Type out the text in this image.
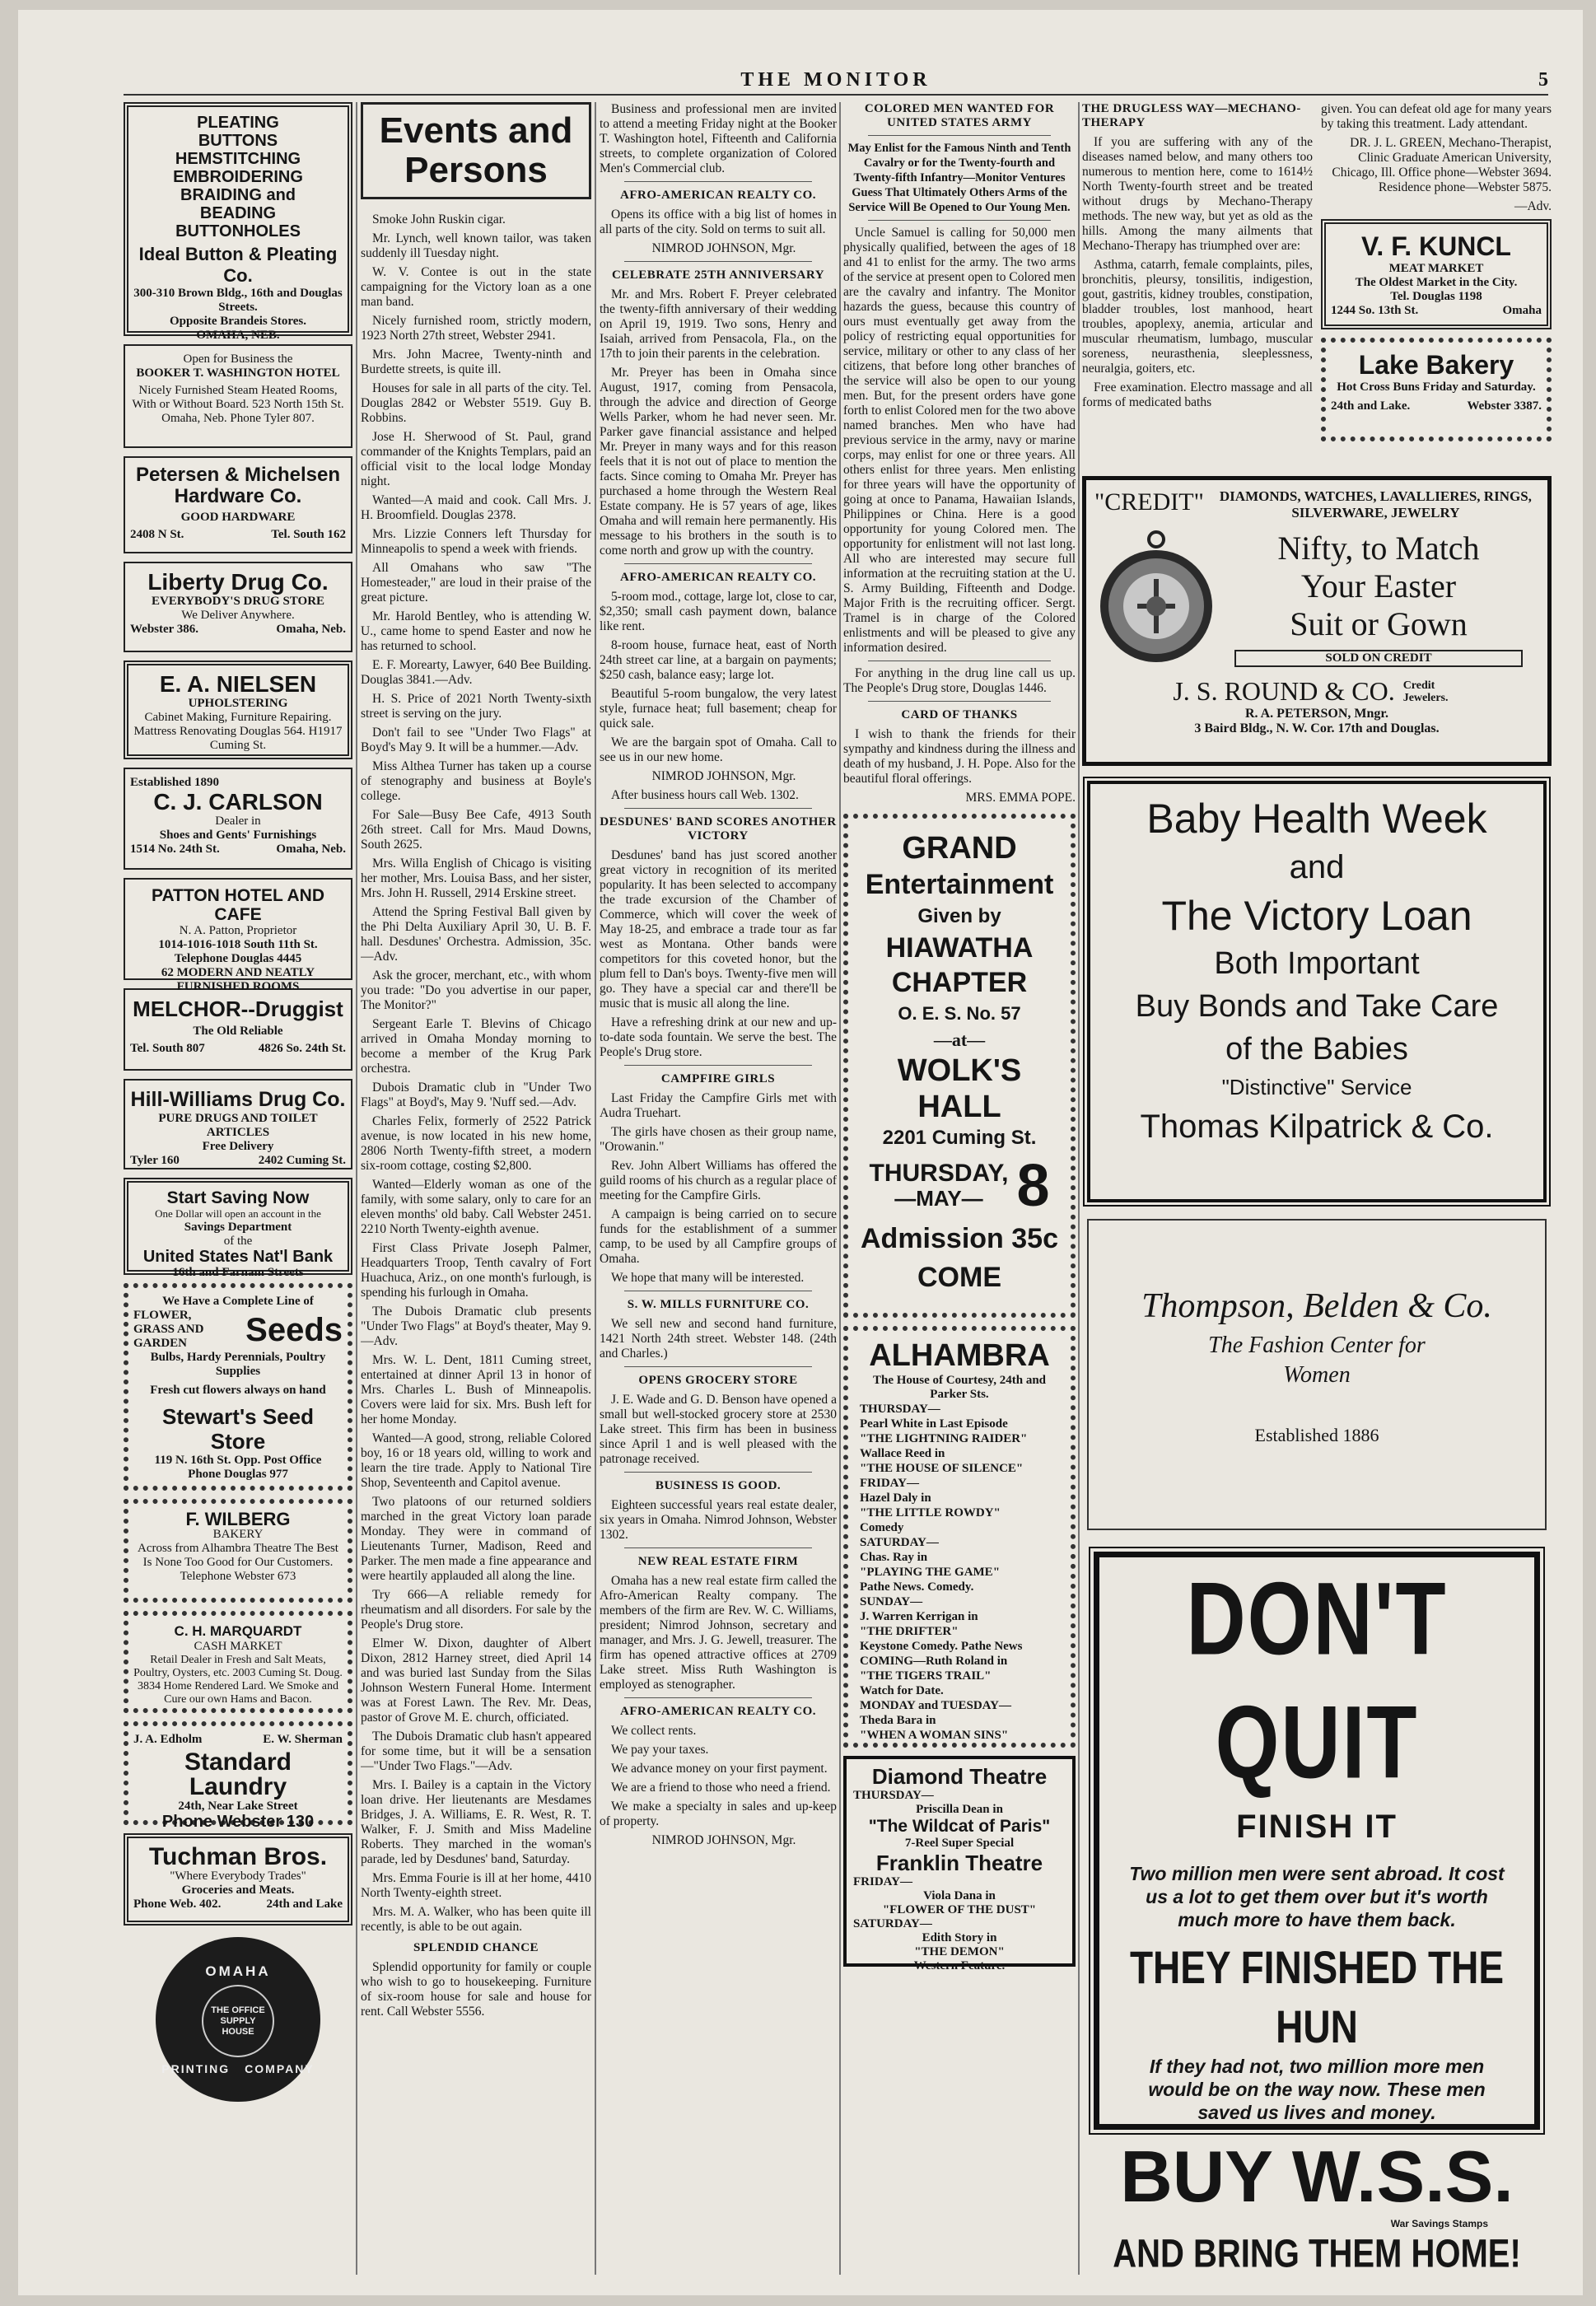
THE MONITOR	5
PLEATING
BUTTONS
HEMSTITCHING
EMBROIDERING
BRAIDING and
BEADING
BUTTONHOLES
Ideal Button & Pleating Co.
300-310 Brown Bldg., 16th and Douglas Streets.
Opposite Brandeis Stores.
OMAHA, NEB.
Open for Business the
BOOKER T. WASHINGTON HOTEL
Nicely Furnished Steam Heated Rooms, With or Without Board. 523 North 15th St. Omaha, Neb. Phone Tyler 807.
Petersen & Michelsen Hardware Co.
GOOD HARDWARE
2408 N St.	Tel. South 162
Liberty Drug Co.
EVERYBODY'S DRUG STORE
We Deliver Anywhere.
Webster 386.	Omaha, Neb.
E. A. NIELSEN
UPHOLSTERING
Cabinet Making, Furniture Repairing. Mattress Renovating Douglas 564. H1917 Cuming St.
Established 1890
C. J. CARLSON
Dealer in
Shoes and Gents' Furnishings
1514 No. 24th St.	Omaha, Neb.
PATTON HOTEL AND CAFE
N. A. Patton, Proprietor
1014-1016-1018 South 11th St.
Telephone Douglas 4445
62 MODERN AND NEATLY FURNISHED ROOMS
MELCHOR--Druggist
The Old Reliable
Tel. South 807	4826 So. 24th St.
Hill-Williams Drug Co.
PURE DRUGS AND TOILET ARTICLES
Free Delivery
Tyler 160	2402 Cuming St.
Start Saving Now
One Dollar will open an account in the
Savings Department
of the
United States Nat'l Bank
16th and Farnam Streets
We Have a Complete Line of
FLOWER, GRASS AND GARDEN	Seeds
Bulbs, Hardy Perennials, Poultry Supplies
Fresh cut flowers always on hand
Stewart's Seed Store
119 N. 16th St. Opp. Post Office
Phone Douglas 977
F. WILBERG
BAKERY
Across from Alhambra Theatre The Best Is None Too Good for Our Customers. Telephone Webster 673
C. H. MARQUARDT
CASH MARKET
Retail Dealer in Fresh and Salt Meats, Poultry, Oysters, etc. 2003 Cuming St. Doug. 3834 Home Rendered Lard. We Smoke and Cure our own Hams and Bacon.
J. A. Edholm	E. W. Sherman
Standard Laundry
24th, Near Lake Street
Phone Webster 130
Tuchman Bros.
"Where Everybody Trades"
Groceries and Meats.
Phone Web. 402.	24th and Lake
OMAHA
THE OFFICE SUPPLY HOUSE
PRINTING COMPANY
Events and Persons

Smoke John Ruskin cigar.

Mr. Lynch, well known tailor, was taken suddenly ill Tuesday night.

W. V. Contee is out in the state campaigning for the Victory loan as a one man band.

Nicely furnished room, strictly modern, 1923 North 27th street, Webster 2941.

Mrs. John Macree, Twenty-ninth and Burdette streets, is quite ill.

Houses for sale in all parts of the city. Tel. Douglas 2842 or Webster 5519. Guy B. Robbins.

Jose H. Sherwood of St. Paul, grand commander of the Knights Templars, paid an official visit to the local lodge Monday night.

Wanted—A maid and cook. Call Mrs. J. H. Broomfield. Douglas 2378.

Mrs. Lizzie Conners left Thursday for Minneapolis to spend a week with friends.

All Omahans who saw "The Homesteader," are loud in their praise of the great picture.

Mr. Harold Bentley, who is attending W. U., came home to spend Easter and now he has returned to school.

E. F. Morearty, Lawyer, 640 Bee Building. Douglas 3841.—Adv.

H. S. Price of 2021 North Twenty-sixth street is serving on the jury.

Don't fail to see "Under Two Flags" at Boyd's May 9. It will be a hummer.—Adv.

Miss Althea Turner has taken up a course of stenography and business at Boyle's college.

For Sale—Busy Bee Cafe, 4913 South 26th street. Call for Mrs. Maud Downs, South 2625.

Mrs. Willa English of Chicago is visiting her mother, Mrs. Louisa Bass, and her sister, Mrs. John H. Russell, 2914 Erskine street.

Attend the Spring Festival Ball given by the Phi Delta Auxiliary April 30, U. B. F. hall. Desdunes' Orchestra. Admission, 35c.—Adv.

Ask the grocer, merchant, etc., with whom you trade: "Do you advertise in our paper, The Monitor?"

Sergeant Earle T. Blevins of Chicago arrived in Omaha Monday morning to become a member of the Krug Park orchestra.

Dubois Dramatic club in "Under Two Flags" at Boyd's, May 9. 'Nuff sed.—Adv.

Charles Felix, formerly of 2522 Patrick avenue, is now located in his new home, 2806 North Twenty-fifth street, a modern six-room cottage, costing $2,800.

Wanted—Elderly woman as one of the family, with some salary, only to care for an eleven months' old baby. Call Webster 2451. 2210 North Twenty-eighth avenue.

First Class Private Joseph Palmer, Headquarters Troop, Tenth cavalry of Fort Huachuca, Ariz., on one month's furlough, is spending his furlough in Omaha.

The Dubois Dramatic club presents "Under Two Flags" at Boyd's theater, May 9.—Adv.

Mrs. W. L. Dent, 1811 Cuming street, entertained at dinner April 13 in honor of Mrs. Charles L. Bush of Minneapolis. Covers were laid for six. Mrs. Bush left for her home Monday.

Wanted—A good, strong, reliable Colored boy, 16 or 18 years old, willing to work and learn the tire trade. Apply to National Tire Shop, Seventeenth and Capitol avenue.

Two platoons of our returned soldiers marched in the great Victory loan parade Monday. They were in command of Lieutenants Turner, Madison, Reed and Parker. The men made a fine appearance and were heartily applauded all along the line.

Try 666—A reliable remedy for rheumatism and all disorders. For sale by the People's Drug store.

Elmer W. Dixon, daughter of Albert Dixon, 2812 Harney street, died April 14 and was buried last Sunday from the Silas Johnson Western Funeral Home. Interment was at Forest Lawn. The Rev. Mr. Deas, pastor of Grove M. E. church, officiated.

The Dubois Dramatic club hasn't appeared for some time, but it will be a sensation—"Under Two Flags."—Adv.

Mrs. I. Bailey is a captain in the Victory loan drive. Her lieutenants are Mesdames Bridges, J. A. Williams, E. R. West, R. T. Walker, F. J. Smith and Miss Madeline Roberts. They marched in the woman's parade, led by Desdunes' band, Saturday.

Mrs. Emma Fourie is ill at her home, 4410 North Twenty-eighth street.

Mrs. M. A. Walker, who has been quite ill recently, is able to be out again.

SPLENDID CHANCE

Splendid opportunity for family or couple who wish to go to housekeeping. Furniture of six-room house for sale and house for rent. Call Webster 5556.

Business and professional men are invited to attend a meeting Friday night at the Booker T. Washington hotel, Fifteenth and California streets, to complete organization of Colored Men's Commercial club.

AFRO-AMERICAN REALTY CO.

Opens its office with a big list of homes in all parts of the city. Sold on terms to suit all.

NIMROD JOHNSON, Mgr.

CELEBRATE 25TH ANNIVERSARY

Mr. and Mrs. Robert F. Preyer celebrated the twenty-fifth anniversary of their wedding on April 19, 1919. Two sons, Henry and Isaiah, arrived from Pensacola, Fla., on the 17th to join their parents in the celebration.

Mr. Preyer has been in Omaha since August, 1917, coming from Pensacola, through the advice and direction of George Wells Parker, whom he had never seen. Mr. Parker gave financial assistance and helped Mr. Preyer in many ways and for this reason feels that it is not out of place to mention the facts. Since coming to Omaha Mr. Preyer has purchased a home through the Western Real Estate company. He is 57 years of age, likes Omaha and will remain here permanently. His message to his brothers in the south is to come north and grow up with the country.

AFRO-AMERICAN REALTY CO.

5-room mod., cottage, large lot, close to car, $2,350; small cash payment down, balance like rent.

8-room house, furnace heat, east of North 24th street car line, at a bargain on payments; $250 cash, balance easy; large lot.

Beautiful 5-room bungalow, the very latest style, furnace heat; full basement; cheap for quick sale.

We are the bargain spot of Omaha. Call to see us in our new home.

NIMROD JOHNSON, Mgr.

After business hours call Web. 1302.

DESDUNES' BAND SCORES ANOTHER VICTORY

Desdunes' band has just scored another great victory in recognition of its merited popularity. It has been selected to accompany the trade excursion of the Chamber of Commerce, which will cover the week of May 18-25, and embrace a trade tour as far west as Montana. Other bands were competitors for this coveted honor, but the plum fell to Dan's boys. Twenty-five men will go. They have a special car and there'll be music that is music all along the line.

Have a refreshing drink at our new and up-to-date soda fountain. We serve the best. The People's Drug store.

CAMPFIRE GIRLS

Last Friday the Campfire Girls met with Audra Truehart.

The girls have chosen as their group name, "Orowanin."

Rev. John Albert Williams has offered the guild rooms of his church as a regular place of meeting for the Campfire Girls.

A campaign is being carried on to secure funds for the establishment of a summer camp, to be used by all Campfire groups of Omaha.

We hope that many will be interested.

S. W. MILLS FURNITURE CO.

We sell new and second hand furniture, 1421 North 24th street. Webster 148. (24th and Charles.)

OPENS GROCERY STORE

J. E. Wade and G. D. Benson have opened a small but well-stocked grocery store at 2530 Lake street. This firm has been in business since April 1 and is well pleased with the patronage received.

BUSINESS IS GOOD.

Eighteen successful years real estate dealer, six years in Omaha. Nimrod Johnson, Webster 1302.

NEW REAL ESTATE FIRM

Omaha has a new real estate firm called the Afro-American Realty company. The members of the firm are Rev. W. C. Williams, president; Nimrod Johnson, secretary and manager, and Mrs. J. G. Jewell, treasurer. The firm has opened attractive offices at 2709 Lake street. Miss Ruth Washington is employed as stenographer.

AFRO-AMERICAN REALTY CO.

We collect rents.

We pay your taxes.

We advance money on your first payment.

We are a friend to those who need a friend.

We make a specialty in sales and up-keep of property.

NIMROD JOHNSON, Mgr.

COLORED MEN WANTED FOR UNITED STATES ARMY

May Enlist for the Famous Ninth and Tenth Cavalry or for the Twenty-fourth and Twenty-fifth Infantry—Monitor Ventures Guess That Ultimately Others Arms of the Service Will Be Opened to Our Young Men.

Uncle Samuel is calling for 50,000 men physically qualified, between the ages of 18 and 41 to enlist for the army. The two arms of the service at present open to Colored men are the cavalry and infantry. The Monitor hazards the guess, because this country of ours must eventually get away from the policy of restricting equal opportunities for service, military or other to any class of her citizens, that before long other branches of the service will also be open to our young men. But, for the present orders have gone forth to enlist Colored men for the two above named branches. Men who have had previous service in the army, navy or marine corps, may enlist for one or three years. All others enlist for three years. Men enlisting for three years will have the opportunity of going at once to Panama, Hawaiian Islands, Philippines or China. Here is a good opportunity for young Colored men. The opportunity for enlistment will not last long. All who are interested may secure full information at the recruiting station at the U. S. Army Building, Fifteenth and Dodge. Major Frith is the recruiting officer. Sergt. Tramel is in charge of the Colored enlistments and will be pleased to give any information desired.

For anything in the drug line call us up. The People's Drug store, Douglas 1446.

CARD OF THANKS

I wish to thank the friends for their sympathy and kindness during the illness and death of my husband, J. H. Pope. Also for the beautiful floral offerings.

MRS. EMMA POPE.

GRAND
Entertainment
Given by
HIAWATHA CHAPTER
O. E. S. No. 57
—at—
WOLK'S HALL
2201 Cuming St.
THURSDAY,
—MAY— 8
Admission 35c
COME
ALHAMBRA
The House of Courtesy, 24th and Parker Sts.
THURSDAY—
Pearl White in Last Episode
"THE LIGHTNING RAIDER"
Wallace Reed in
"THE HOUSE OF SILENCE"
FRIDAY—
Hazel Daly in
"THE LITTLE ROWDY"
Comedy
SATURDAY—
Chas. Ray in
"PLAYING THE GAME"
Pathe News. Comedy.
SUNDAY—
J. Warren Kerrigan in
"THE DRIFTER"
Keystone Comedy. Pathe News
COMING—Ruth Roland in
"THE TIGERS TRAIL"
Watch for Date.
MONDAY and TUESDAY—
Theda Bara in
"WHEN A WOMAN SINS"
Diamond Theatre
THURSDAY—
Priscilla Dean in
"The Wildcat of Paris"
7-Reel Super Special
Franklin Theatre
FRIDAY—
Viola Dana in
"FLOWER OF THE DUST"
SATURDAY—
Edith Story in
"THE DEMON"
Western Feature.
THE DRUGLESS WAY—MECHANO-THERAPY

If you are suffering with any of the diseases named below, and many others too numerous to mention here, come to 1614½ North Twenty-fourth street and be treated without drugs by Mechano-Therapy methods. The new way, but yet as old as the hills. Among the many ailments that Mechano-Therapy has triumphed over are:

Asthma, catarrh, female complaints, piles, bronchitis, pleursy, tonsilitis, indigestion, gout, gastritis, kidney troubles, constipation, bladder troubles, lost manhood, heart troubles, apoplexy, anemia, articular and muscular rheumatism, lumbago, muscular soreness, neurasthenia, sleeplessness, neuralgia, goiters, etc.

Free examination. Electro massage and all forms of medicated baths

given. You can defeat old age for many years by taking this treatment. Lady attendant.

DR. J. L. GREEN, Mechano-Therapist, Clinic Graduate American University, Chicago, Ill. Office phone—Webster 3694. Residence phone—Webster 5875.

—Adv.

V. F. KUNCL
MEAT MARKET
The Oldest Market in the City.
Tel. Douglas 1198
1244 So. 13th St.	Omaha
Lake Bakery
Hot Cross Buns Friday and Saturday.
24th and Lake.	Webster 3387.
"CREDIT"	DIAMONDS, WATCHES, LAVALLIERES, RINGS, SILVERWARE, JEWELRY
Nifty, to Match
Your Easter
Suit or Gown
SOLD ON CREDIT
J. S. ROUND & CO. Credit Jewelers.
R. A. PETERSON, Mngr.
3 Baird Bldg., N. W. Cor. 17th and Douglas.
Baby Health Week
and
The Victory Loan
Both Important
Buy Bonds and Take Care
of the Babies
"Distinctive" Service
Thomas Kilpatrick & Co.
Thompson, Belden & Co.
The Fashion Center for
Women
Established 1886
DON'T QUIT
FINISH IT
Two million men were sent abroad. It cost us a lot to get them over but it's worth much more to have them back.
THEY FINISHED THE HUN
If they had not, two million more men would be on the way now. These men saved us lives and money.
BUY W.S.S.
War Savings Stamps
AND BRING THEM HOME!
